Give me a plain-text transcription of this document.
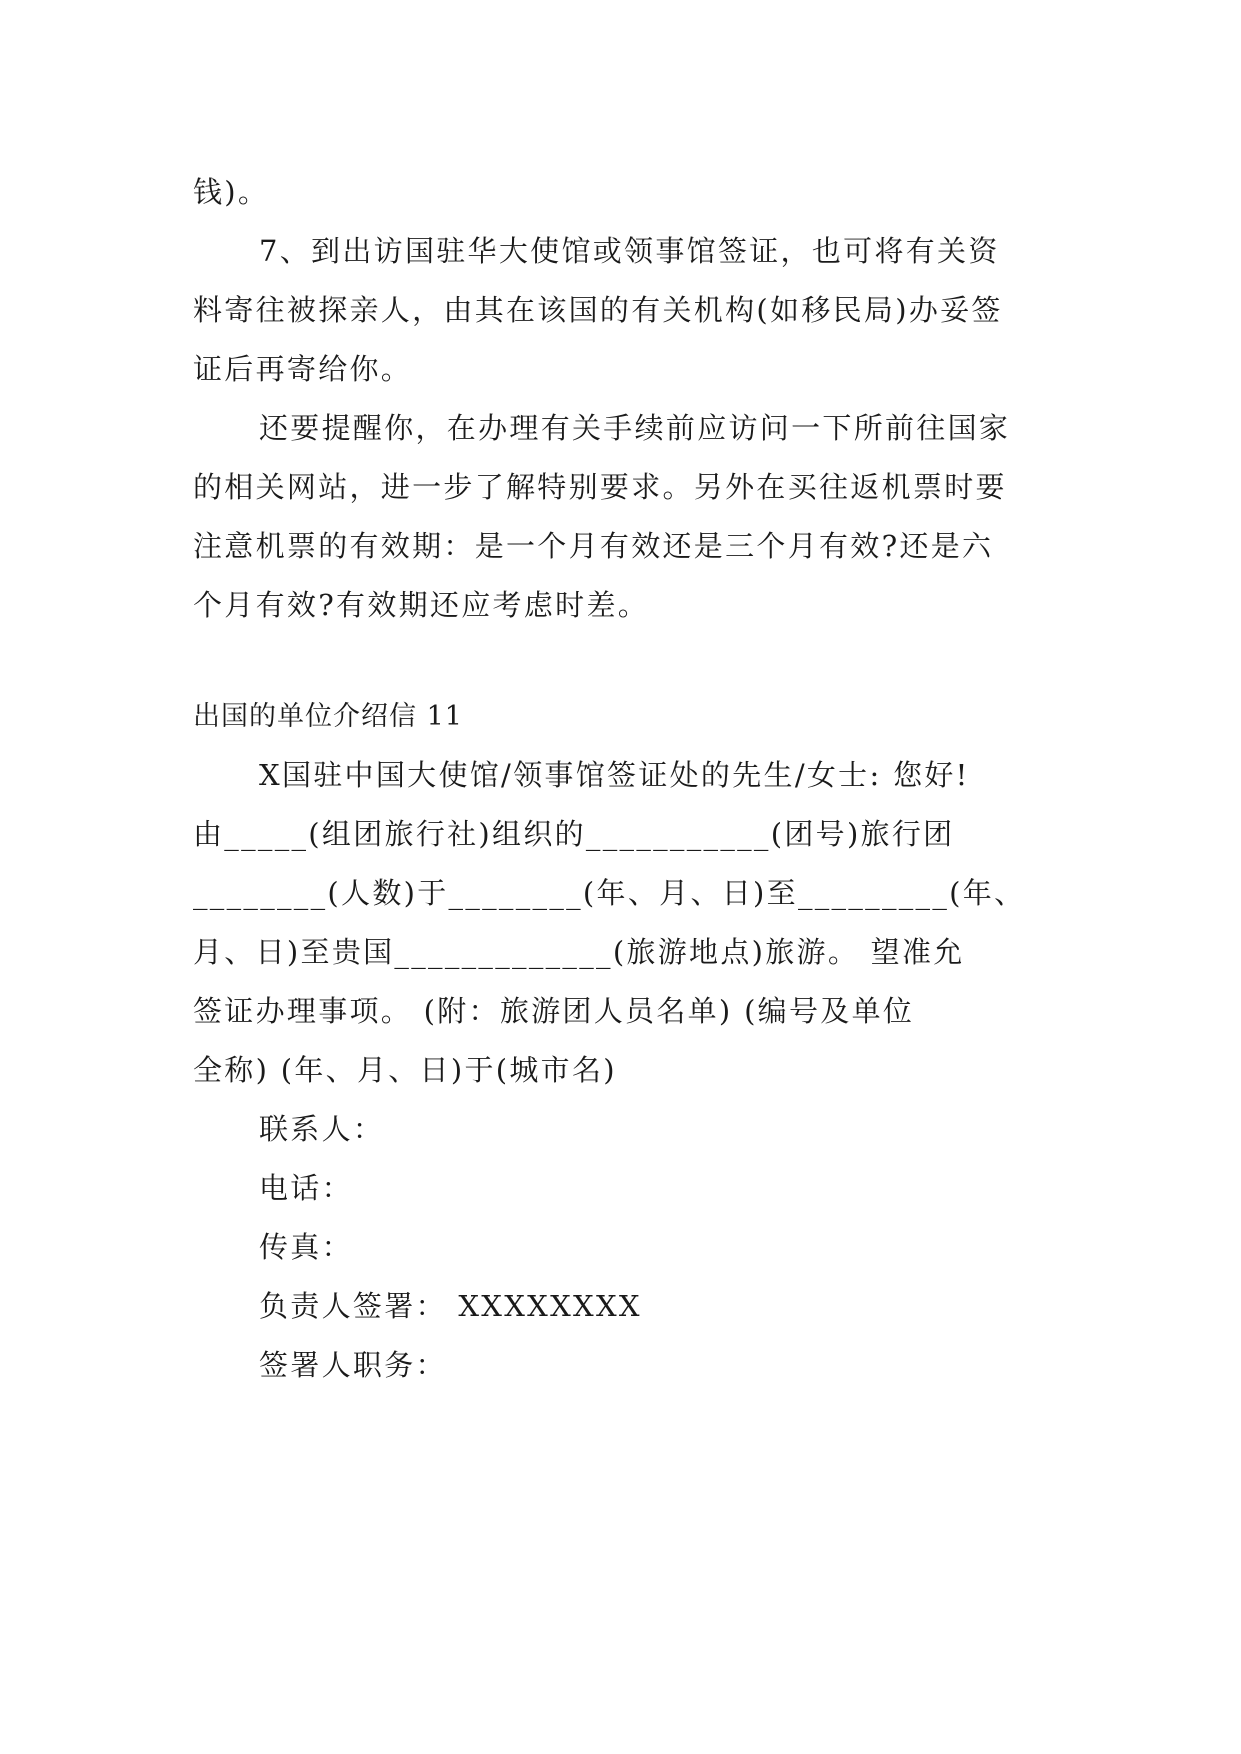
钱)。
7、到出访国驻华大使馆或领事馆签证，也可将有关资
料寄往被探亲人，由其在该国的有关机构(如移民局)办妥签
证后再寄给你。
还要提醒你，在办理有关手续前应访问一下所前往国家
的相关网站，进一步了解特别要求。另外在买往返机票时要
注意机票的有效期：是一个月有效还是三个月有效?还是六
个月有效?有效期还应考虑时差。
出国的单位介绍信 11
X国驻中国大使馆/领事馆签证处的先生/女士: 您好!
由_____(组团旅行社)组织的___________(团号)旅行团
________(人数)于________(年、月、日)至_________(年、
月、日)至贵国_____________(旅游地点)旅游。 望准允
签证办理事项。 (附：旅游团人员名单) (编号及单位
全称) (年、月、日)于(城市名)
联系人：
电话：
传真：
负责人签署： XXXXXXXX
签署人职务：
